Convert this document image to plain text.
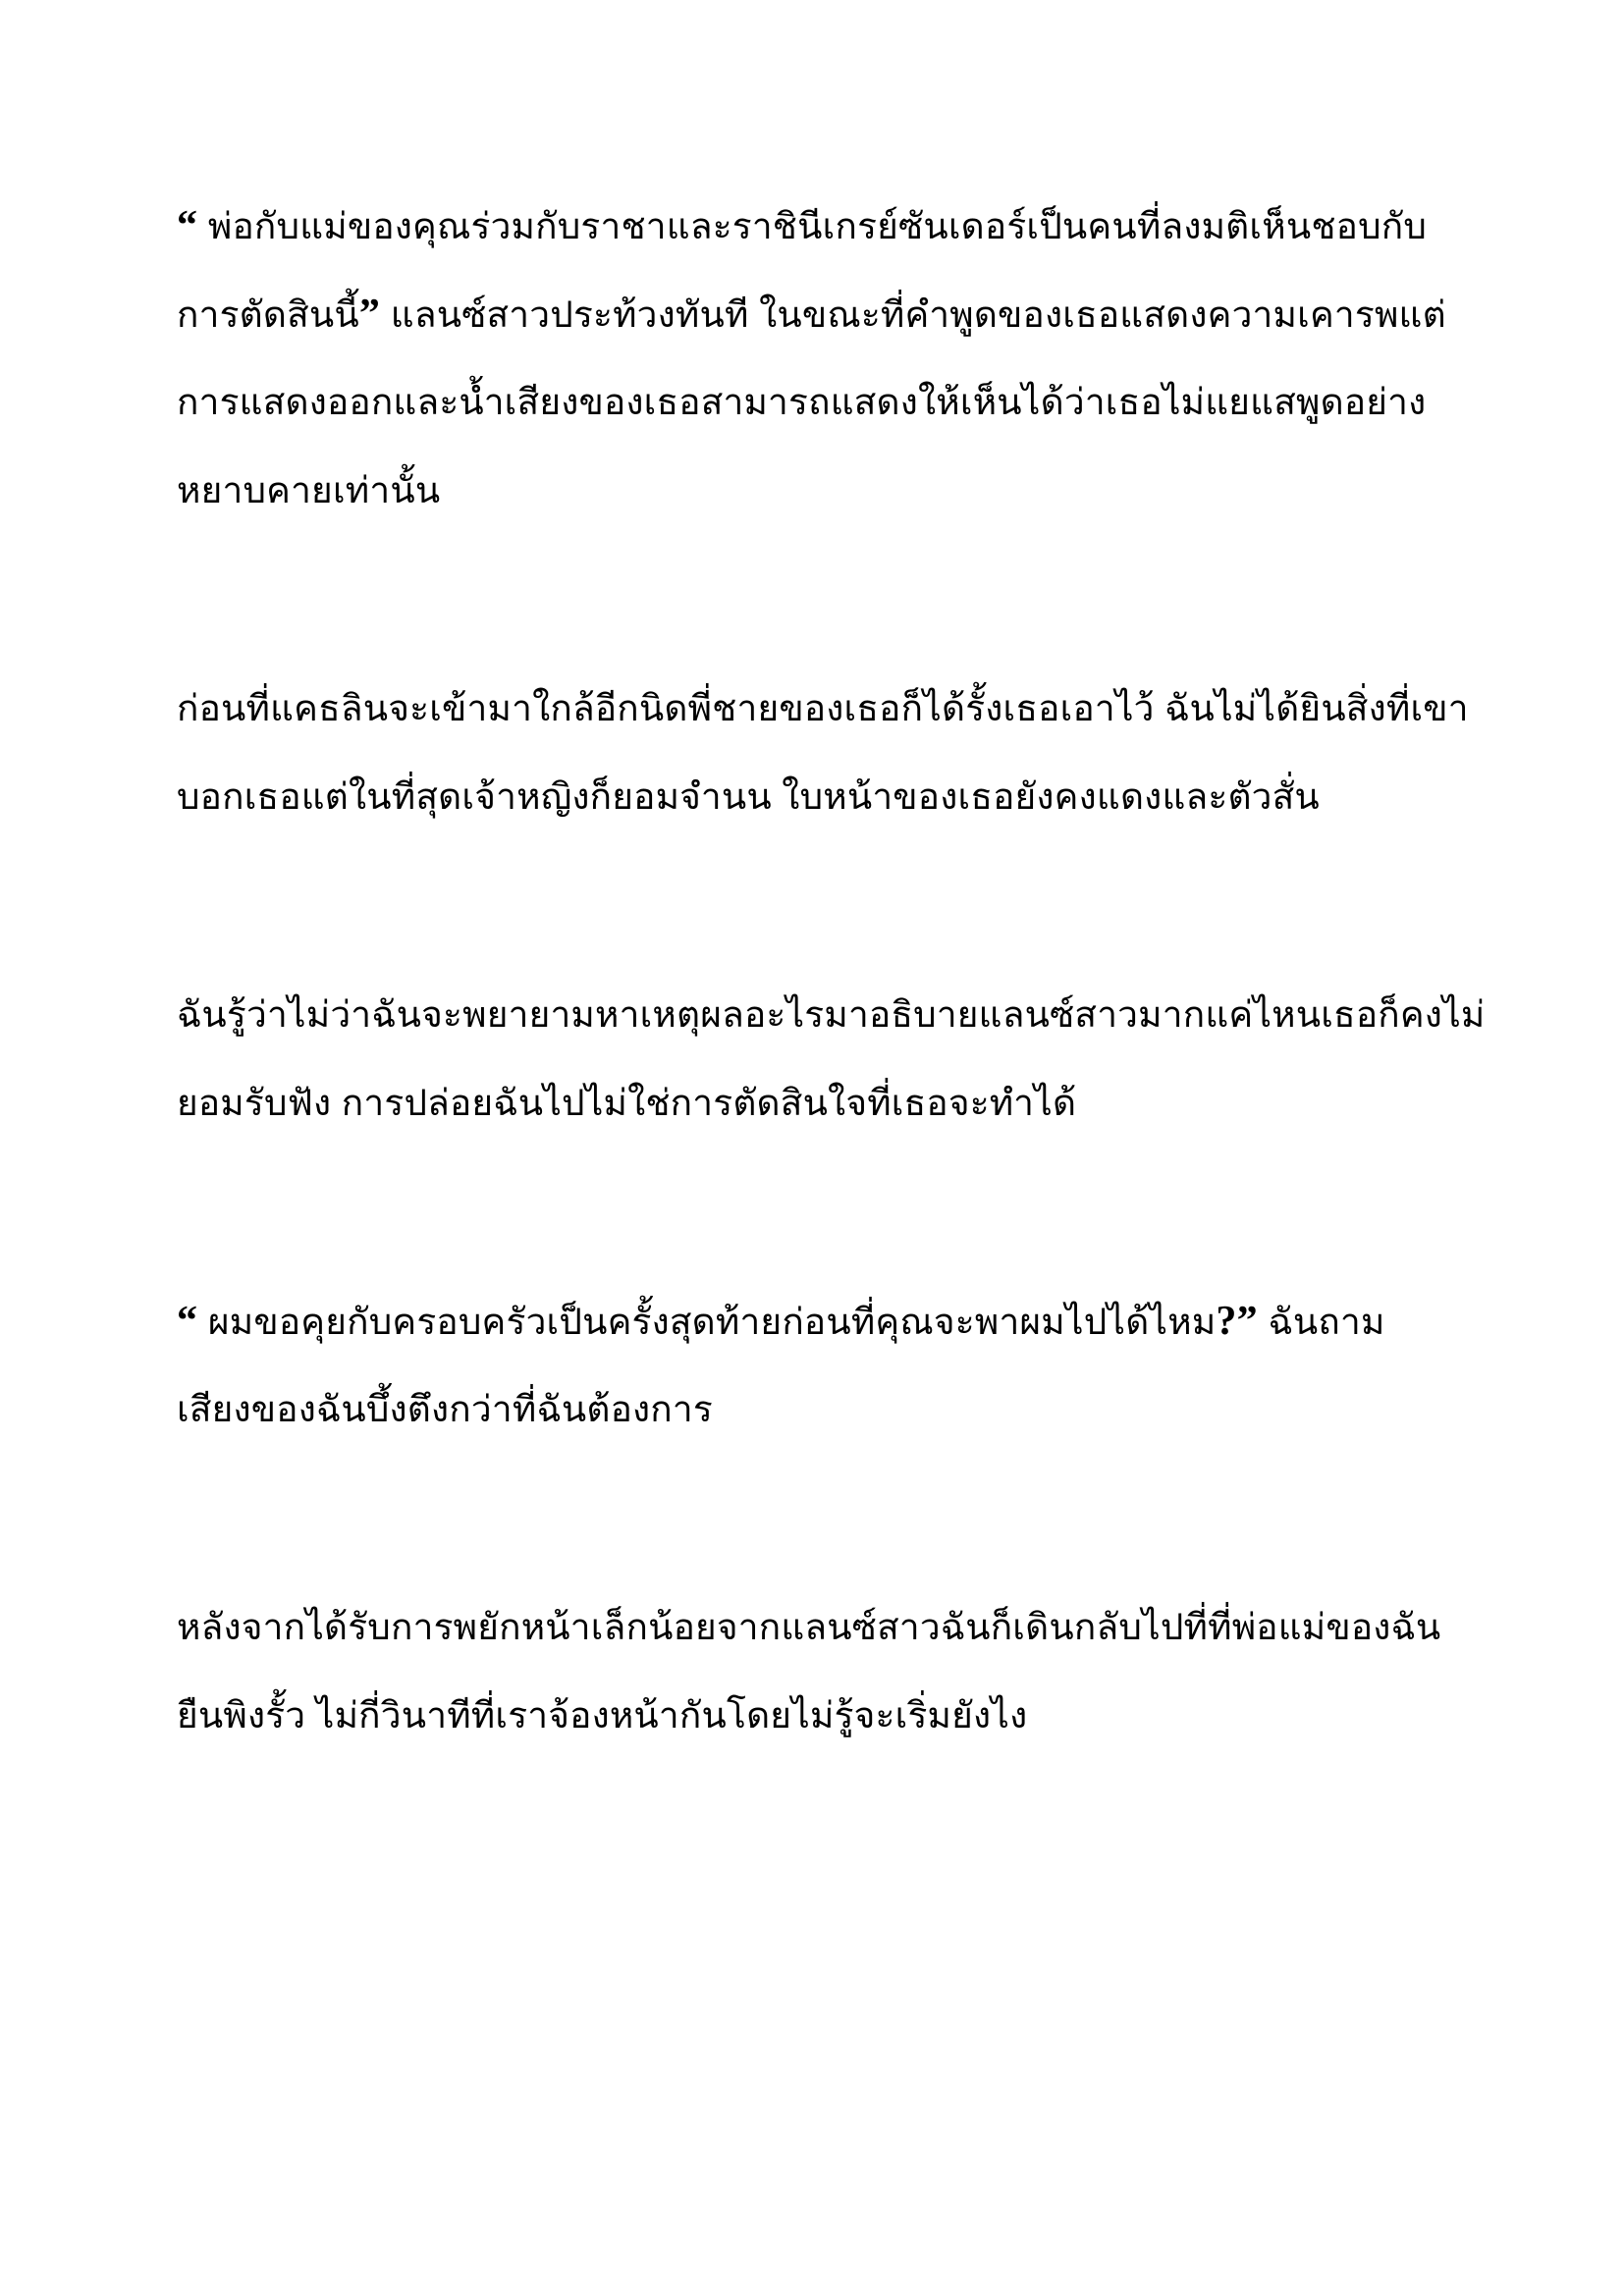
“ พ่อกับแม่ของคุณร่วมกับราชาและราชินีเกรย์ซันเดอร์เป็นคนที่ลงมติเห็นชอบกับ
การตัดสินนี้” แลนซ์สาวประท้วงทันที ในขณะที่คำพูดของเธอแสดงความเคารพแต่
การแสดงออกและน้ำเสียงของเธอสามารถแสดงให้เห็นได้ว่าเธอไม่แยแสพูดอย่าง
หยาบคายเท่านั้น
ก่อนที่แคธลินจะเข้ามาใกล้อีกนิดพี่ชายของเธอก็ได้รั้งเธอเอาไว้ ฉันไม่ได้ยินสิ่งที่เขา
บอกเธอแต่ในที่สุดเจ้าหญิงก็ยอมจำนน ใบหน้าของเธอยังคงแดงและตัวสั่น
ฉันรู้ว่าไม่ว่าฉันจะพยายามหาเหตุผลอะไรมาอธิบายแลนซ์สาวมากแค่ไหนเธอก็คงไม่
ยอมรับฟัง การปล่อยฉันไปไม่ใช่การตัดสินใจที่เธอจะทำได้
“ ผมขอคุยกับครอบครัวเป็นครั้งสุดท้ายก่อนที่คุณจะพาผมไปได้ไหม?” ฉันถาม
เสียงของฉันบึ้งตึงกว่าที่ฉันต้องการ
หลังจากได้รับการพยักหน้าเล็กน้อยจากแลนซ์สาวฉันก็เดินกลับไปที่ที่พ่อแม่ของฉัน
ยืนพิงรั้ว ไม่กี่วินาทีที่เราจ้องหน้ากันโดยไม่รู้จะเริ่มยังไง
